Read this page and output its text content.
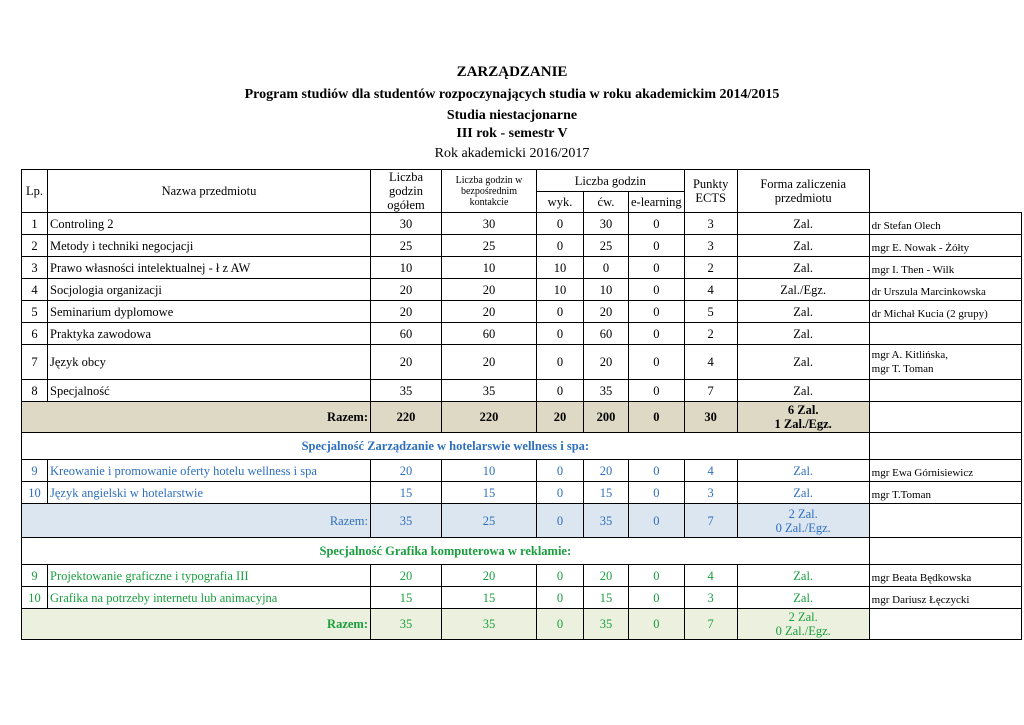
ZARZĄDZANIE
Program studiów dla studentów rozpoczynających studia w roku akademickim 2014/2015
Studia niestacjonarne
III rok - semestr V
Rok akademicki 2016/2017
Lp.	Nazwa przedmiotu	Liczba godzin ogółem	Liczba godzin w bezpośrednim kontakcie	Liczba godzin			Punkty ECTS	Forma zaliczenia przedmiotu	
				wyk.	ćw.	e-learning			
1	Controling 2	30	30	0	30	0	3	Zal.	dr Stefan Olech
2	Metody i techniki negocjacji	25	25	0	25	0	3	Zal.	mgr E. Nowak - Żółty
3	Prawo własności intelektualnej - ł z AW	10	10	10	0	0	2	Zal.	mgr I. Then - Wilk
4	Socjologia organizacji	20	20	10	10	0	4	Zal./Egz.	dr Urszula Marcinkowska
5	Seminarium dyplomowe	20	20	0	20	0	5	Zal.	dr Michał Kucia (2 grupy)
6	Praktyka zawodowa	60	60	0	60	0	2	Zal.	
7	Język obcy	20	20	0	20	0	4	Zal.	mgr A. Kitlińska,
mgr T. Toman

8	Specjalność	35	35	0	35	0	7	Zal.	
Razem:		220	220	20	200	0	30	6 Zal.
1 Zal./Egz.	

Specjalność Zarządzanie w hotelarswie wellness i spa:									
9	Kreowanie i promowanie oferty hotelu wellness i spa	20	10	0	20	0	4	Zal.	mgr Ewa Górnisiewicz
10	Język angielski w hotelarstwie	15	15	0	15	0	3	Zal.	mgr T.Toman
Razem:		35	25	0	35	0	7	2 Zal.
0 Zal./Egz.	

Specjalność Grafika komputerowa w reklamie:									
9	Projektowanie graficzne i typografia III	20	20	0	20	0	4	Zal.	mgr Beata Będkowska
10	Grafika na potrzeby internetu lub animacyjna	15	15	0	15	0	3	Zal.	mgr Dariusz Łęczycki
Razem:		35	35	0	35	0	7	2 Zal.
0 Zal./Egz.	
